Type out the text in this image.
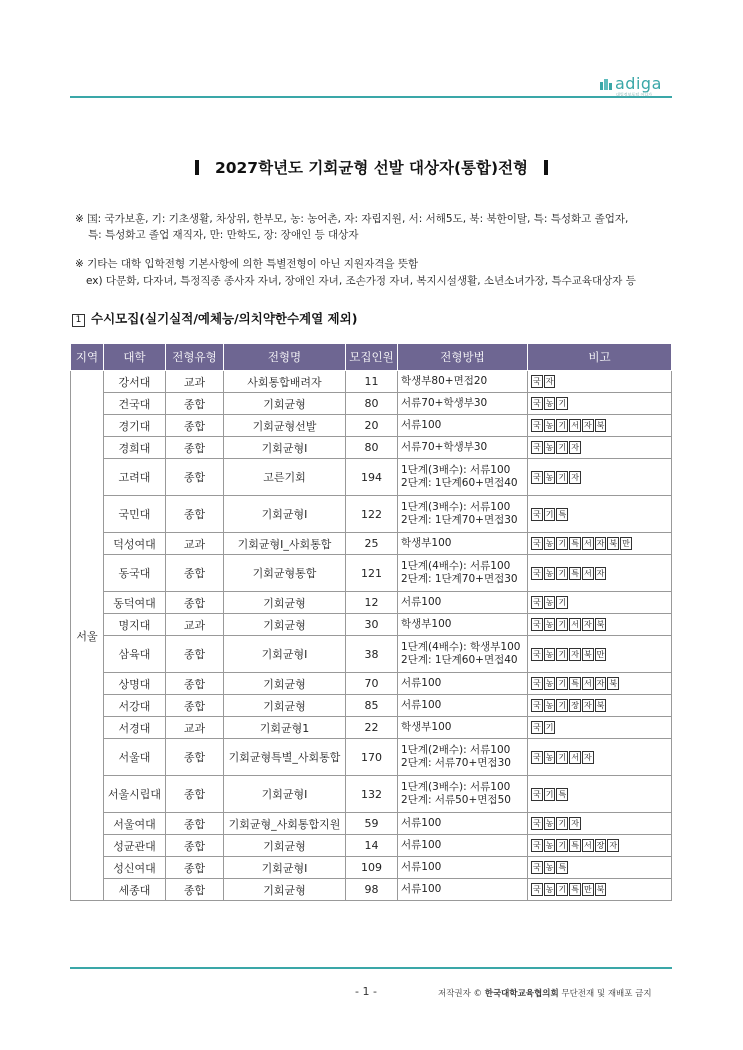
adiga
대입정보포털 어디가
2027학년도 기회균형 선발 대상자(통합)전형
※ 国: 국가보훈, 기: 기초생활, 차상위, 한부모, 농: 농어촌, 자: 자립지원, 서: 서해5도, 북: 북한이탈, 특: 특성화고 졸업자,
특: 특성화고 졸업 재직자, 만: 만학도, 장: 장애인 등 대상자
※ 기타는 대학 입학전형 기본사항에 의한 특별전형이 아닌 지원자격을 뜻함
ex) 다문화, 다자녀, 특정직종 종사자 자녀, 장애인 자녀, 조손가정 자녀, 복지시설생활, 소년소녀가장, 특수교육대상자 등
1 수시모집(실기실적/예체능/의치약한수계열 제외)
지역	대학	전형유형	전형명	모집인원	전형방법	비고
서울	강서대	교과	사회통합배려자	11	학생부80+면접20	국 자
	건국대	종합	기회균형	80	서류70+학생부30	국 농 기
	경기대	종합	기회균형선발	20	서류100	국 농 기 서 자 북
	경희대	종합	기회균형Ⅰ	80	서류70+학생부30	국 농 기 자
	고려대	종합	고른기회	194	1단계(3배수): 서류100
2단계: 1단계60+면접40	국 농 기 자
	국민대	종합	기회균형Ⅰ	122	1단계(3배수): 서류100
2단계: 1단계70+면접30	국 기 특
	덕성여대	교과	기회균형Ⅰ_사회통합	25	학생부100	국 농 기 특 서 자 북 만
	동국대	종합	기회균형통합	121	1단계(4배수): 서류100
2단계: 1단계70+면접30	국 농 기 특 서 자
	동덕여대	종합	기회균형	12	서류100	국 농 기
	명지대	교과	기회균형	30	학생부100	국 농 기 서 자 북
	삼육대	종합	기회균형Ⅰ	38	1단계(4배수): 학생부100
2단계: 1단계60+면접40	국 농 기 자 북 만
	상명대	종합	기회균형	70	서류100	국 농 기 특 서 자 북
	서강대	종합	기회균형	85	서류100	국 농 기 장 자 북
	서경대	교과	기회균형1	22	학생부100	국 기
	서울대	종합	기회균형특별_사회통합	170	1단계(2배수): 서류100
2단계: 서류70+면접30	국 농 기 서 자
	서울시립대	종합	기회균형Ⅰ	132	1단계(3배수): 서류100
2단계: 서류50+면접50	국 기 특
	서울여대	종합	기회균형_사회통합지원	59	서류100	국 농 기 자
	성균관대	종합	기회균형	14	서류100	국 농 기 특 서 장 자
	성신여대	종합	기회균형Ⅰ	109	서류100	국 농 특
	세종대	종합	기회균형	98	서류100	국 농 기 특 만 북
- 1 -	저작권자 © 한국대학교육협의회 무단전재 및 재배포 금지
